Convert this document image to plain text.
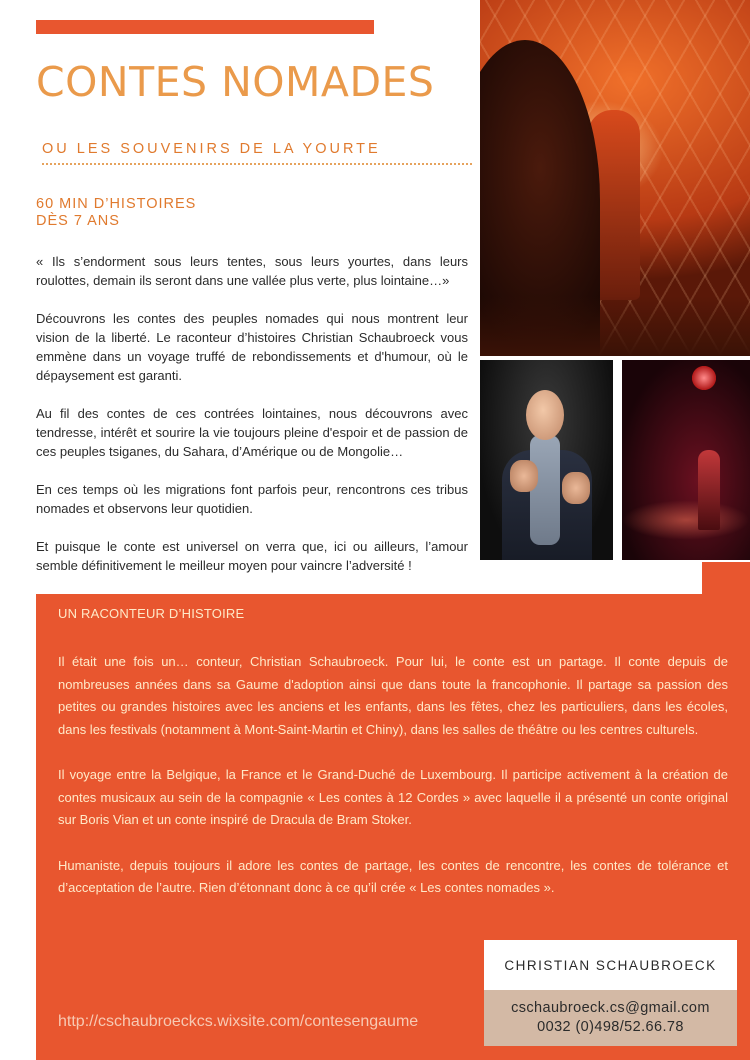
CONTES NOMADES
OU LES SOUVENIRS DE LA YOURTE
60 MIN D’HISTOIRES
DÈS 7 ANS

« Ils s’endorment sous leurs tentes, sous leurs yourtes, dans leurs roulottes, demain ils seront dans une vallée plus verte, plus lointaine…»

Découvrons les contes des peuples nomades qui nous montrent leur vision de la liberté. Le raconteur d’histoires Christian Schaubroeck vous emmène dans un voyage truffé de rebondissements et d'humour, où le dépaysement est garanti.

Au fil des contes de ces contrées lointaines, nous découvrons avec tendresse, intérêt et sourire la vie toujours pleine d'espoir et de passion de ces peuples tsiganes, du Sahara, d’Amérique ou de Mongolie…

En ces temps où les migrations font parfois peur, rencontrons ces tribus nomades et observons leur quotidien.

Et puisque le conte est universel on verra que, ici ou ailleurs, l’amour semble définitivement le meilleur moyen pour vaincre l’adversité !

UN RACONTEUR D’HISTOIRE

Il était une fois un… conteur, Christian Schaubroeck. Pour lui, le conte est un partage. Il conte depuis de nombreuses années dans sa Gaume d'adoption ainsi que dans toute la francophonie. Il partage sa passion des petites ou grandes histoires avec les anciens et les enfants, dans les fêtes, chez les particuliers, dans les écoles, dans les festivals (notamment à Mont-Saint-Martin et Chiny), dans les salles de théâtre ou les centres culturels.

Il voyage entre la Belgique, la France et le Grand-Duché de Luxembourg. Il participe activement à la création de contes musicaux au sein de la compagnie « Les contes à 12 Cordes » avec laquelle il a présenté un conte original sur Boris Vian et un conte inspiré de Dracula de Bram Stoker.

Humaniste, depuis toujours il adore les contes de partage, les contes de rencontre, les contes de tolérance et d’acceptation de l’autre. Rien d’étonnant donc à ce qu’il crée « Les contes nomades ».

http://cschaubroeckcs.wixsite.com/contesengaume
CHRISTIAN SCHAUBROECK
cschaubroeck.cs@gmail.com
0032 (0)498/52.66.78
